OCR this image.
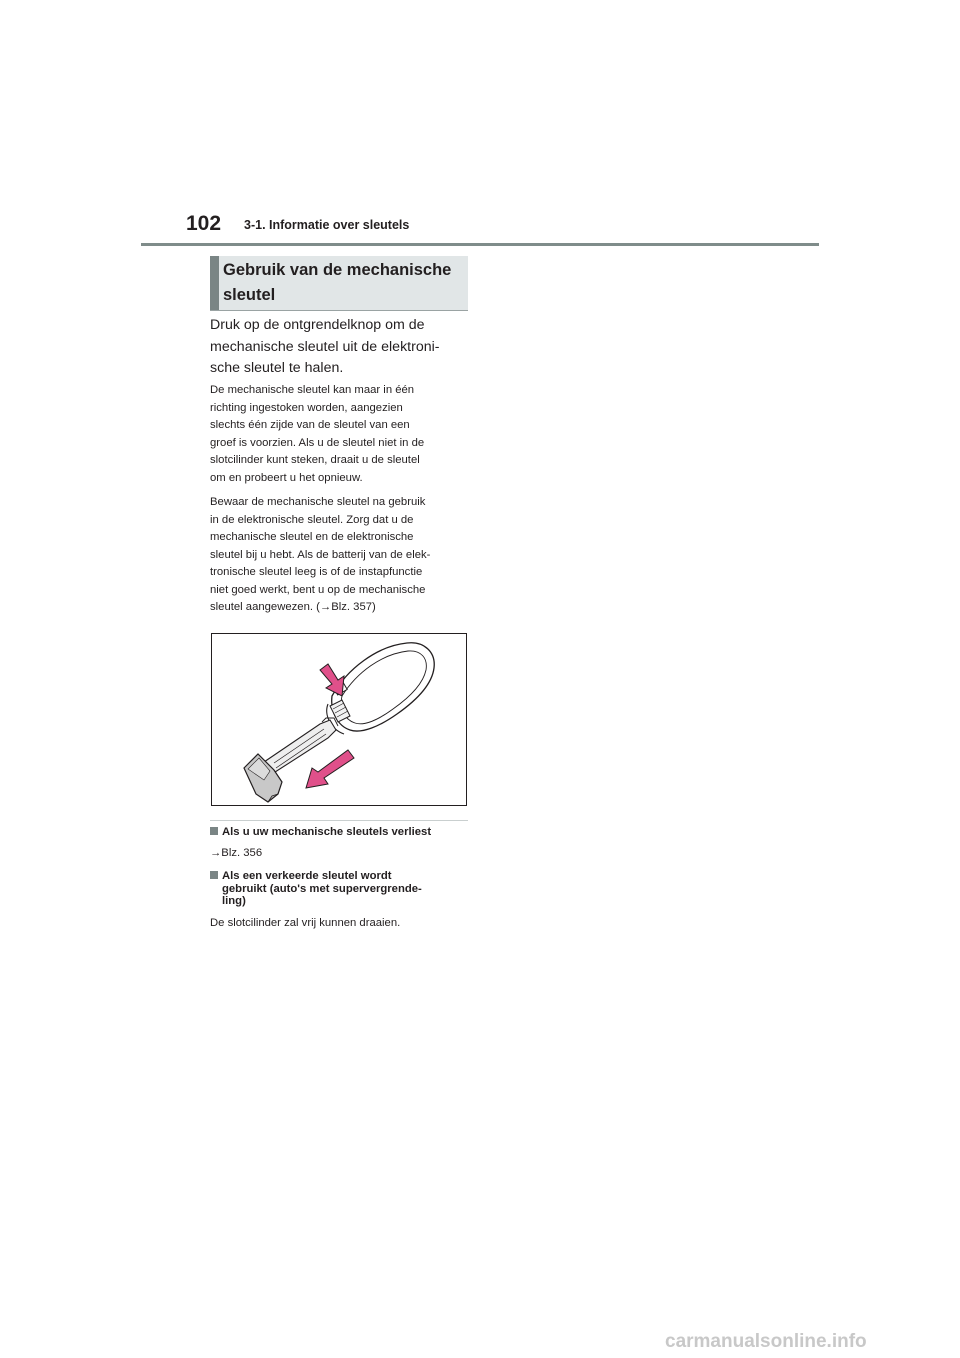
102 3-1. Informatie over sleutels
Gebruik van de mechanische
sleutel
Druk op de ontgrendelknop om de
mechanische sleutel uit de elektroni-
sche sleutel te halen.
De mechanische sleutel kan maar in één
richting ingestoken worden, aangezien
slechts één zijde van de sleutel van een
groef is voorzien. Als u de sleutel niet in de
slotcilinder kunt steken, draait u de sleutel
om en probeert u het opnieuw.
Bewaar de mechanische sleutel na gebruik
in de elektronische sleutel. Zorg dat u de
mechanische sleutel en de elektronische
sleutel bij u hebt. Als de batterij van de elek-
tronische sleutel leeg is of de instapfunctie
niet goed werkt, bent u op de mechanische
sleutel aangewezen. (→Blz. 357)
Als u uw mechanische sleutels verliest
→Blz. 356
Als een verkeerde sleutel wordt
gebruikt (auto's met supervergrende-
ling)
De slotcilinder zal vrij kunnen draaien.
carmanualsonline.info
